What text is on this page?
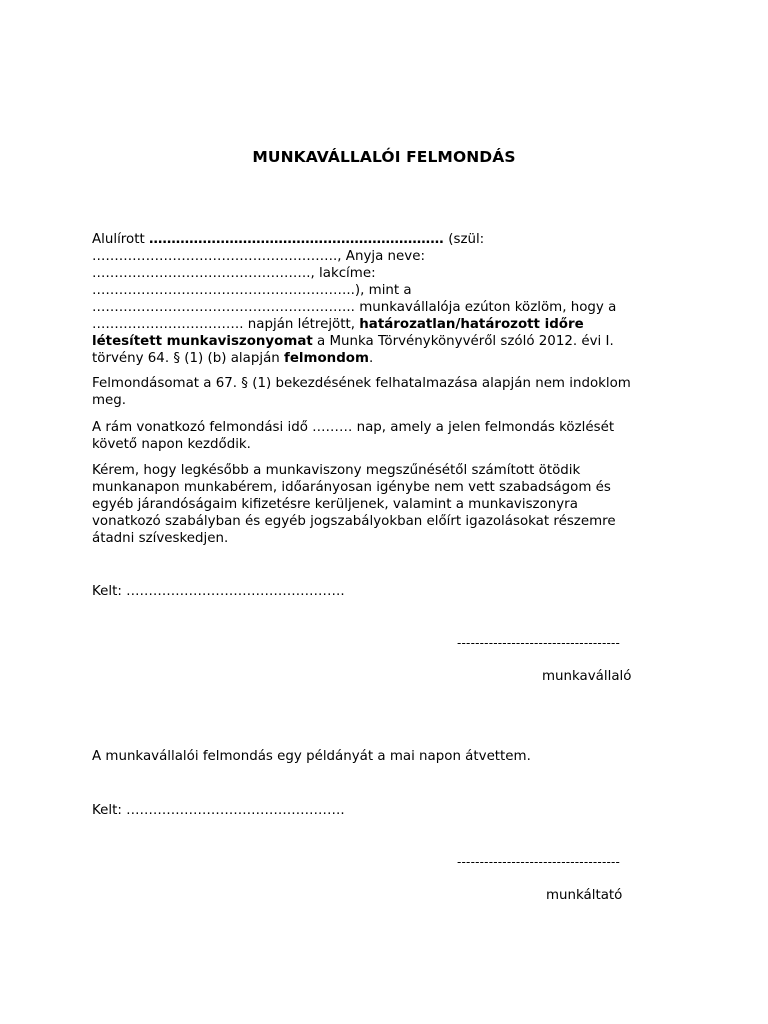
MUNKAVÁLLALÓI FELMONDÁS
Alulírott ………………………………………………………… (szül:
………………………………………………., Anyja neve:
…………………………………………., lakcíme:
…………………………………………………..), mint a
………………………………………………….. munkavállalója ezúton közlöm, hogy a
……………………………. napján létrejött, határozatlan/határozott időre
létesített munkaviszonyomat a Munka Törvénykönyvéről szóló 2012. évi I.
törvény 64. § (1) (b) alapján felmondom.
Felmondásomat a 67. § (1) bekezdésének felhatalmazása alapján nem indoklom
meg.
A rám vonatkozó felmondási idő ……… nap, amely a jelen felmondás közlését
követő napon kezdődik.
Kérem, hogy legkésőbb a munkaviszony megszűnésétől számított ötödik
munkanapon munkabérem, időarányosan igénybe nem vett szabadságom és
egyéb járandóságaim kifizetésre kerüljenek, valamint a munkaviszonyra
vonatkozó szabályban és egyéb jogszabályokban előírt igazolásokat részemre
átadni szíveskedjen.
Kelt: ………………………………………….
------------------------------------
munkavállaló
A munkavállalói felmondás egy példányát a mai napon átvettem.
Kelt: ………………………………………….
------------------------------------
munkáltató
